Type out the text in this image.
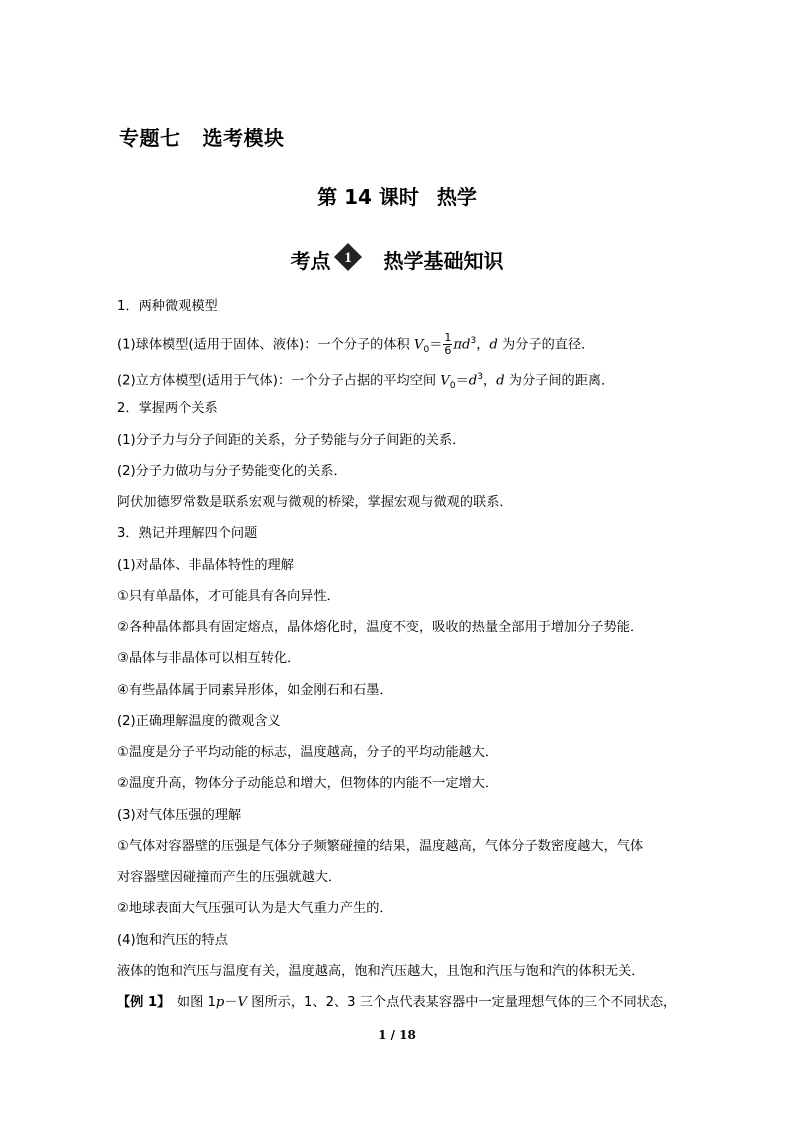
专题七 选考模块
第 14 课时 热学
考点 1 热学基础知识
1．两种微观模型
(1)球体模型(适用于固体、液体)：一个分子的体积 $V_0= \frac{1}{6} \pi d^3$，d 为分子的直径．
(2)立方体模型(适用于气体)：一个分子占据的平均空间 $V_0=d^3$，d 为分子间的距离．
2．掌握两个关系
(1)分子力与分子间距的关系，分子势能与分子间距的关系．
(2)分子力做功与分子势能变化的关系．
阿伏加德罗常数是联系宏观与微观的桥梁，掌握宏观与微观的联系．
3．熟记并理解四个问题
(1)对晶体、非晶体特性的理解
①只有单晶体，才可能具有各向异性．
②各种晶体都具有固定熔点，晶体熔化时，温度不变，吸收的热量全部用于增加分子势能．
③晶体与非晶体可以相互转化．
④有些晶体属于同素异形体，如金刚石和石墨．
(2)正确理解温度的微观含义
①温度是分子平均动能的标志，温度越高，分子的平均动能越大．
②温度升高，物体分子动能总和增大，但物体的内能不一定增大．
(3)对气体压强的理解
①气体对容器壁的压强是气体分子频繁碰撞的结果，温度越高，气体分子数密度越大，气体
对容器壁因碰撞而产生的压强就越大．
②地球表面大气压强可认为是大气重力产生的．
(4)饱和汽压的特点
液体的饱和汽压与温度有关，温度越高，饱和汽压越大，且饱和汽压与饱和汽的体积无关．
【例 1】　如图 1p－V 图所示，1、2、3 三个点代表某容器中一定量理想气体的三个不同状态，
1 / 18
